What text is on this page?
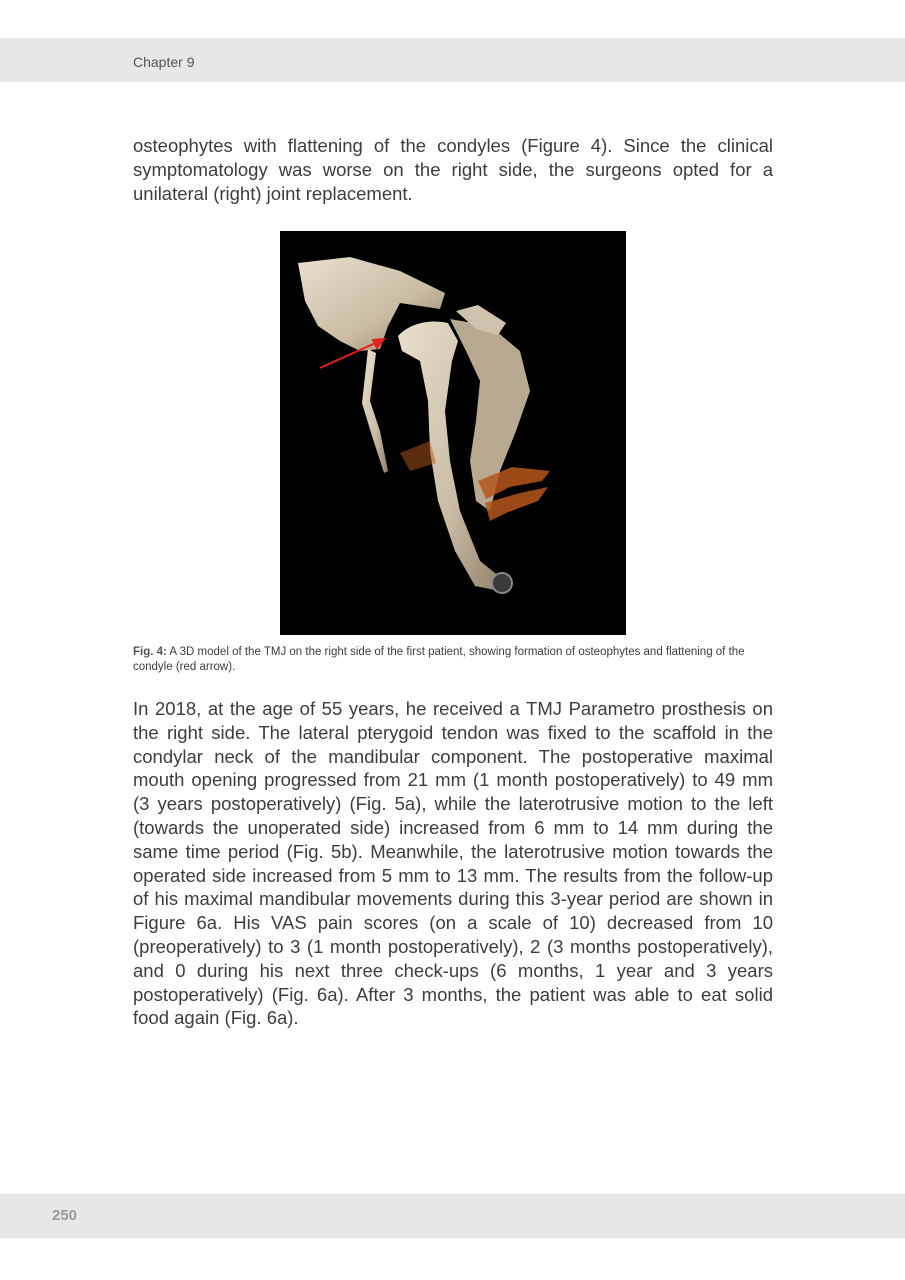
Chapter 9

osteophytes with flattening of the condyles (Figure 4). Since the clinical symptomatology was worse on the right side, the surgeons opted for a unilateral (right) joint replacement.

Fig. 4: A 3D model of the TMJ on the right side of the first patient, showing formation of osteophytes and flattening of the condyle (red arrow).

In 2018, at the age of 55 years, he received a TMJ Parametro prosthesis on the right side. The lateral pterygoid tendon was fixed to the scaffold in the condylar neck of the mandibular component. The postoperative maximal mouth opening progressed from 21 mm (1 month postoperatively) to 49 mm (3 years postoperatively) (Fig. 5a), while the laterotrusive motion to the left (towards the unoperated side) increased from 6 mm to 14 mm during the same time period (Fig. 5b). Meanwhile, the laterotrusive motion towards the operated side increased from 5 mm to 13 mm. The results from the follow-up of his maximal mandibular movements during this 3-year period are shown in Figure 6a. His VAS pain scores (on a scale of 10) decreased from 10 (preoperatively) to 3 (1 month postoperatively), 2 (3 months postoperatively), and 0 during his next three check-ups (6 months, 1 year and 3 years postoperatively) (Fig. 6a). After 3 months, the patient was able to eat solid food again (Fig. 6a).

250
